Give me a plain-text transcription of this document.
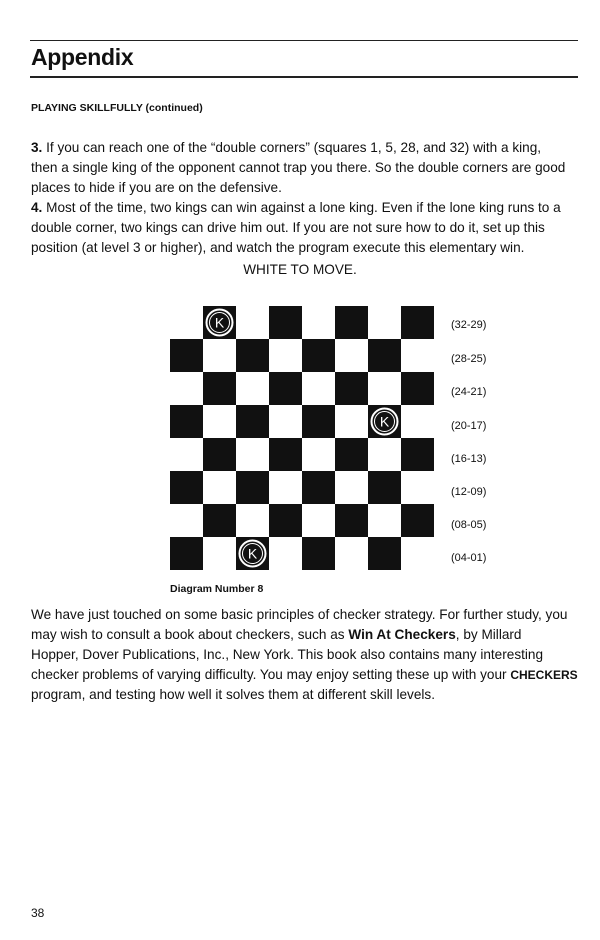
Appendix
PLAYING SKILLFULLY (continued)
3. If you can reach one of the “double corners” (squares 1, 5, 28, and 32) with a king,
then a single king of the opponent cannot trap you there. So the double corners are good
places to hide if you are on the defensive.
4. Most of the time, two kings can win against a lone king. Even if the lone king runs to a
double corner, two kings can drive him out. If you are not sure how to do it, set up this
position (at level 3 or higher), and watch the program execute this elementary win.
WHITE TO MOVE.
K
K
K
(32-29)
(28-25)
(24-21)
(20-17)
(16-13)
(12-09)
(08-05)
(04-01)
Diagram Number 8
We have just touched on some basic principles of checker strategy. For further study, you
may wish to consult a book about checkers, such as Win At Checkers, by Millard
Hopper, Dover Publications, Inc., New York. This book also contains many interesting
checker problems of varying difficulty. You may enjoy setting these up with your CHECKERS
program, and testing how well it solves them at different skill levels.
38
